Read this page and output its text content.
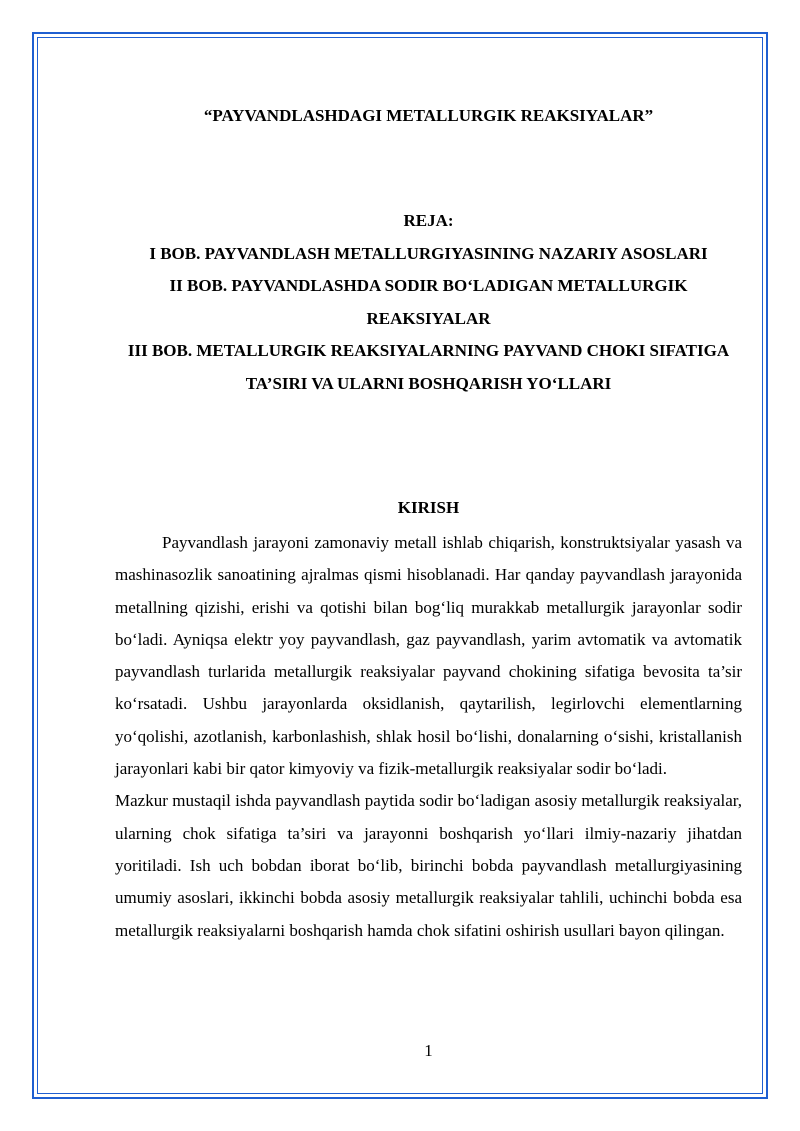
“PAYVANDLASHDAGI METALLURGIK REAKSIYALAR”
REJA:
I BOB. PAYVANDLASH METALLURGIYASINING NAZARIY ASOSLARI
II BOB. PAYVANDLASHDA SODIR BOʻLADIGAN METALLURGIK REAKSIYALAR
III BOB. METALLURGIK REAKSIYALARNING PAYVAND CHOKI SIFATIGA TA’SIRI VA ULARNI BOSHQARISH YOʻLLARI
KIRISH

Payvandlash jarayoni zamonaviy metall ishlab chiqarish, konstruktsiyalar yasash va mashinasozlik sanoatining ajralmas qismi hisoblanadi. Har qanday payvandlash jarayonida metallning qizishi, erishi va qotishi bilan bogʻliq murakkab metallurgik jarayonlar sodir boʻladi. Ayniqsa elektr yoy payvandlash, gaz payvandlash, yarim avtomatik va avtomatik payvandlash turlarida metallurgik reaksiyalar payvand chokining sifatiga bevosita ta’sir koʻrsatadi. Ushbu jarayonlarda oksidlanish, qaytarilish, legirlovchi elementlarning yoʻqolishi, azotlanish, karbonlashish, shlak hosil boʻlishi, donalarning oʻsishi, kristallanish jarayonlari kabi bir qator kimyoviy va fizik-metallurgik reaksiyalar sodir boʻladi.

Mazkur mustaqil ishda payvandlash paytida sodir boʻladigan asosiy metallurgik reaksiyalar, ularning chok sifatiga ta’siri va jarayonni boshqarish yoʻllari ilmiy-nazariy jihatdan yoritiladi. Ish uch bobdan iborat boʻlib, birinchi bobda payvandlash metallurgiyasining umumiy asoslari, ikkinchi bobda asosiy metallurgik reaksiyalar tahlili, uchinchi bobda esa metallurgik reaksiyalarni boshqarish hamda chok sifatini oshirish usullari bayon qilingan.

1
